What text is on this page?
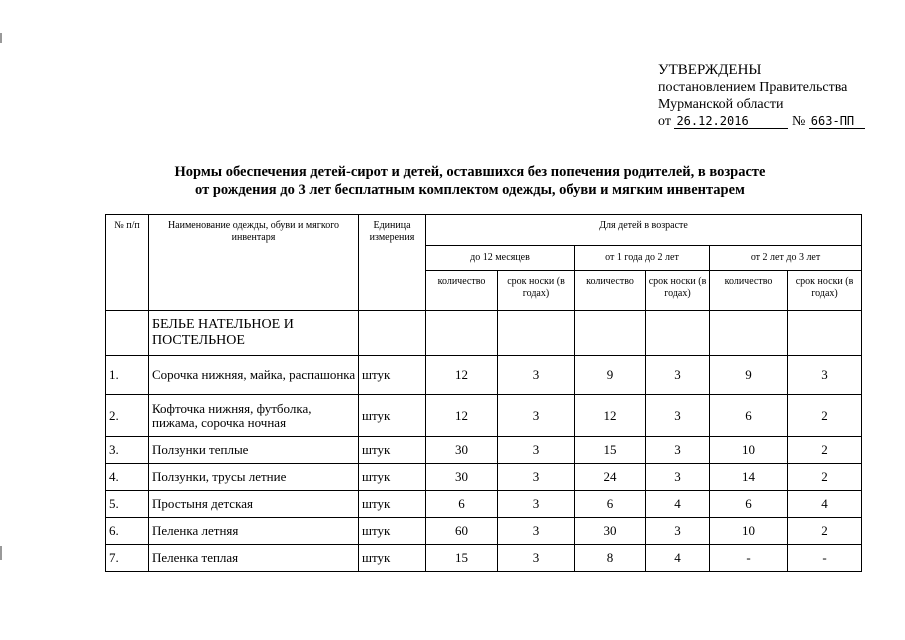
УТВЕРЖДЕНЫ
постановлением Правительства
Мурманской области
от 26.12.2016	№ 663-ПП
Нормы обеспечения детей-сирот и детей, оставшихся без попечения родителей, в возрасте
от рождения до 3 лет бесплатным комплектом одежды, обуви и мягким инвентарем
№ п/п	Наименование одежды, обуви и мягкого инвентаря	Единица измерения	Для детей в возрасте					
			до 12 месяцев		от 1 года до 2 лет		от 2 лет до 3 лет	
			количество	срок носки (в годах)	количество	срок носки (в годах)	количество	срок носки (в годах)
	БЕЛЬЕ НАТЕЛЬНОЕ И ПОСТЕЛЬНОЕ							
1.	Сорочка нижняя, майка, распашонка	штук	12	3	9	3	9	3
2.	Кофточка нижняя, футболка, пижама, сорочка ночная	штук	12	3	12	3	6	2
3.	Ползунки теплые	штук	30	3	15	3	10	2
4.	Ползунки, трусы летние	штук	30	3	24	3	14	2
5.	Простыня детская	штук	6	3	6	4	6	4
6.	Пеленка летняя	штук	60	3	30	3	10	2
7.	Пеленка теплая	штук	15	3	8	4	-	-
